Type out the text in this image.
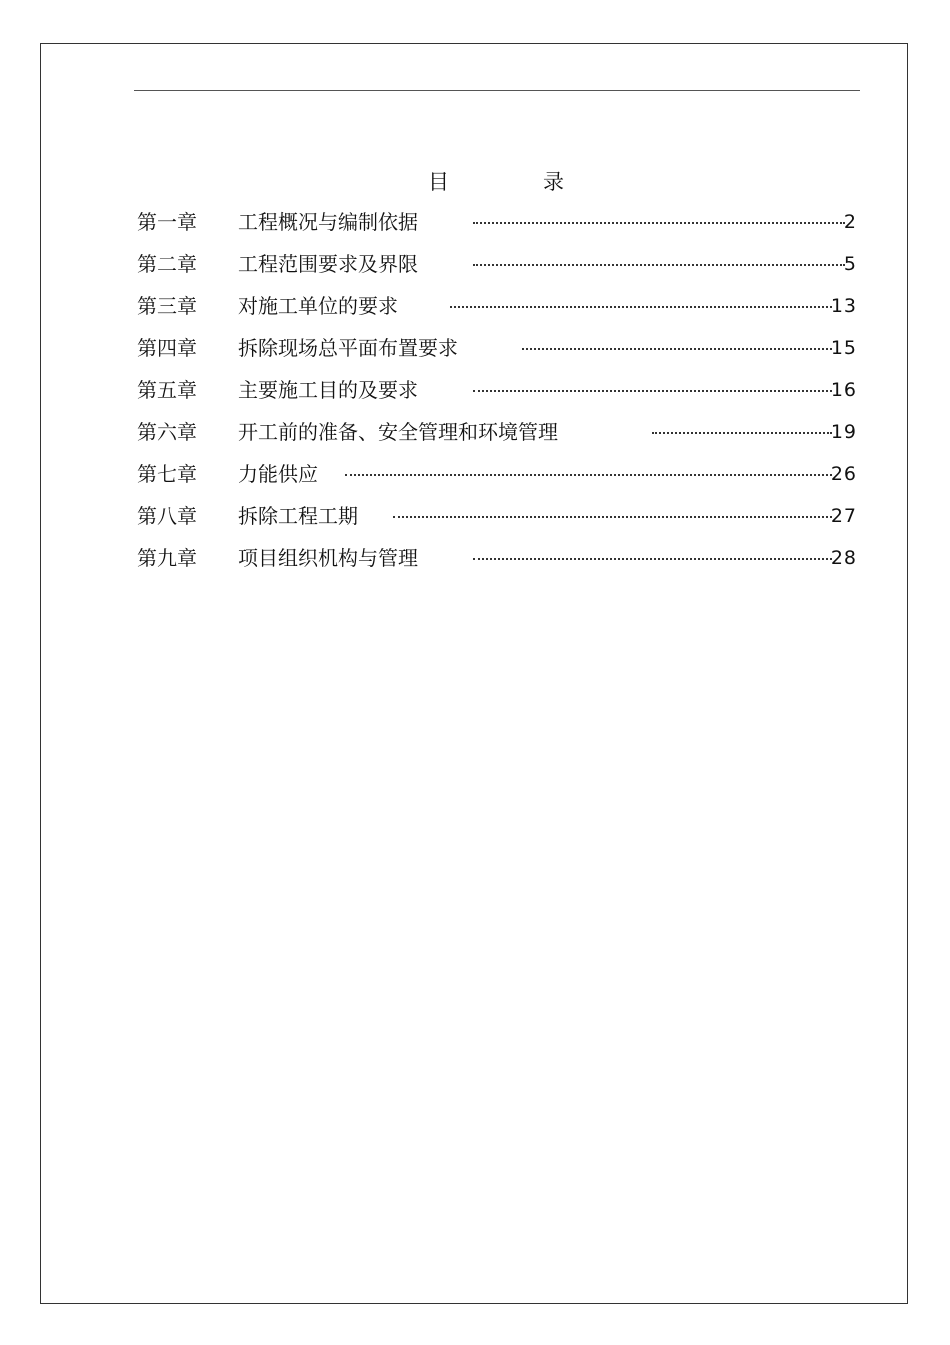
目	录
第一章 工程概况与编制依据	2
第二章 工程范围要求及界限	5
第三章 对施工单位的要求	13
第四章 拆除现场总平面布置要求	15
第五章 主要施工目的及要求	16
第六章 开工前的准备、安全管理和环境管理	19
第七章 力能供应	26
第八章 拆除工程工期	27
第九章 项目组织机构与管理	28
